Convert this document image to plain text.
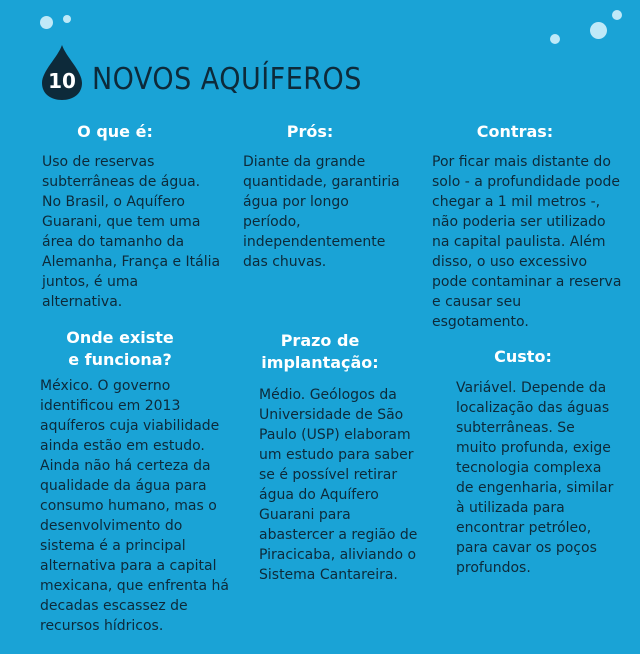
10 NOVOS AQUÍFEROS
O que é:
Uso de reservas subterrâneas de água. No Brasil, o Aquífero Guarani, que tem uma área do tamanho da Alemanha, França e Itália juntos, é uma alternativa.
Prós:
Diante da grande quantidade, garantiria água por longo período, independentemente das chuvas.
Contras:
Por ficar mais distante do solo - a profundidade pode chegar a 1 mil metros -, não poderia ser utilizado na capital paulista. Além disso, o uso excessivo pode contaminar a reserva e causar seu esgotamento.
Onde existe
e funciona?
México. O governo identificou em 2013 aquíferos cuja viabilidade ainda estão em estudo. Ainda não há certeza da qualidade da água para consumo humano, mas o desenvolvimento do sistema é a principal alternativa para a capital mexicana, que enfrenta há decadas escassez de recursos hídricos.
Prazo de
implantação:
Médio. Geólogos da Universidade de São Paulo (USP) elaboram um estudo para saber se é possível retirar água do Aquífero Guarani para abastercer a região de Piracicaba, aliviando o Sistema Cantareira.
Custo:
Variável. Depende da localização das águas subterrâneas. Se muito profunda, exige tecnologia complexa de engenharia, similar à utilizada para encontrar petróleo, para cavar os poços profundos.
